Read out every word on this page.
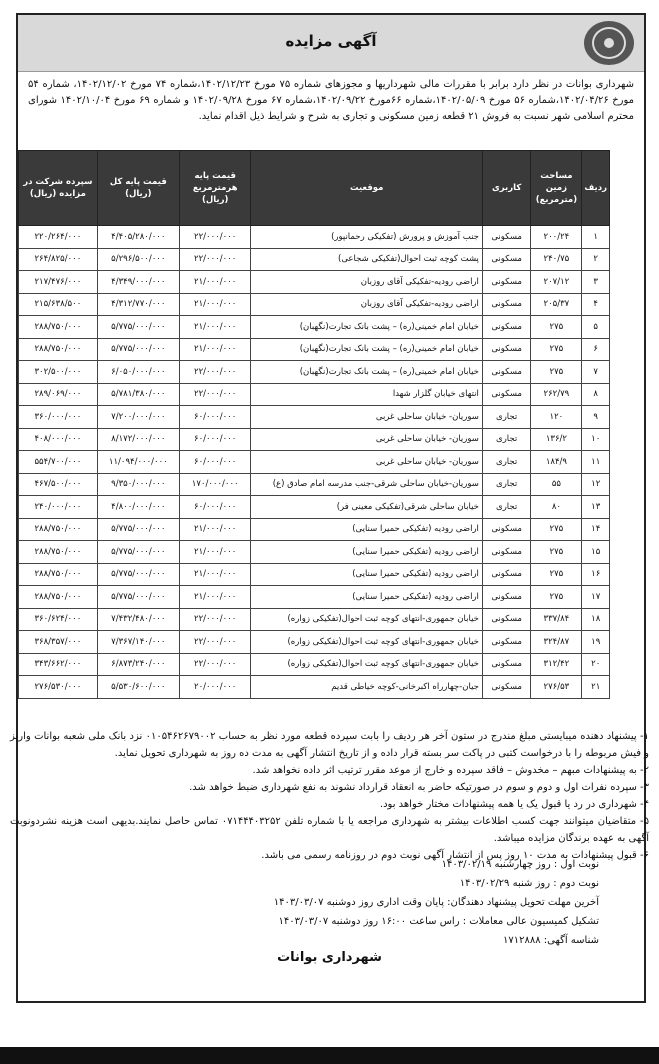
آگهی مزایده
شهرداری بوانات در نظر دارد برابر با مقررات مالی شهرداریها و مجوزهای شماره ۷۵ مورخ ۱۴۰۲/۱۲/۲۳،شماره ۷۴ مورخ ۱۴۰۲/۱۲/۰۲، شماره ۵۴ مورخ ۱۴۰۲/۰۴/۲۶،شماره ۵۶ مورخ ۱۴۰۲/۰۵/۰۹،شماره ۶۶مورخ ۱۴۰۲/۰۹/۲۲،شماره ۶۷ مورخ ۱۴۰۲/۰۹/۲۸ و شماره ۶۹ مورخ ۱۴۰۲/۱۰/۰۴ شورای محترم اسلامی شهر نسبت به فروش ۲۱ قطعه زمین مسکونی و تجاری به شرح و شرایط ذیل اقدام نماید.
ردیف	مساحت زمین (مترمربع)	کاربری	موقعیت	قیمت پایه هرمترمربع (ریال)	قیمت پایه کل (ریال)	سپرده شرکت در مزایده (ریال)
۱	۲۰۰/۲۴	مسکونی	جنب آموزش و پرورش (تفکیکی رحمانپور)	۲۲/۰۰۰/۰۰۰	۴/۴۰۵/۲۸۰/۰۰۰	۲۲۰/۲۶۴/۰۰۰
۲	۲۴۰/۷۵	مسکونی	پشت کوچه ثبت احوال(تفکیکی شجاعی)	۲۲/۰۰۰/۰۰۰	۵/۲۹۶/۵۰۰/۰۰۰	۲۶۴/۸۲۵/۰۰۰
۳	۲۰۷/۱۲	مسکونی	اراضی رودیه-تفکیکی آقای روزبان	۲۱/۰۰۰/۰۰۰	۴/۳۴۹/۰۰۰/۰۰۰	۲۱۷/۴۷۶/۰۰۰
۴	۲۰۵/۳۷	مسکونی	اراضی رودیه-تفکیکی آقای روزبان	۲۱/۰۰۰/۰۰۰	۴/۳۱۲/۷۷۰/۰۰۰	۲۱۵/۶۳۸/۵۰۰
۵	۲۷۵	مسکونی	خیابان امام خمینی(ره) – پشت بانک تجارت(نگهبان)	۲۱/۰۰۰/۰۰۰	۵/۷۷۵/۰۰۰/۰۰۰	۲۸۸/۷۵۰/۰۰۰
۶	۲۷۵	مسکونی	خیابان امام خمینی(ره) – پشت بانک تجارت(نگهبان)	۲۱/۰۰۰/۰۰۰	۵/۷۷۵/۰۰۰/۰۰۰	۲۸۸/۷۵۰/۰۰۰
۷	۲۷۵	مسکونی	خیابان امام خمینی(ره) – پشت بانک تجارت(نگهبان)	۲۲/۰۰۰/۰۰۰	۶/۰۵۰/۰۰۰/۰۰۰	۳۰۲/۵۰۰/۰۰۰
۸	۲۶۲/۷۹	مسکونی	انتهای خیابان گلزار شهدا	۲۲/۰۰۰/۰۰۰	۵/۷۸۱/۳۸۰/۰۰۰	۲۸۹/۰۶۹/۰۰۰
۹	۱۲۰	تجاری	سوریان- خیابان ساحلی غربی	۶۰/۰۰۰/۰۰۰	۷/۲۰۰/۰۰۰/۰۰۰	۳۶۰/۰۰۰/۰۰۰
۱۰	۱۳۶/۲	تجاری	سوریان- خیابان ساحلی غربی	۶۰/۰۰۰/۰۰۰	۸/۱۷۲/۰۰۰/۰۰۰	۴۰۸/۰۰۰/۰۰۰
۱۱	۱۸۴/۹	تجاری	سوریان- خیابان ساحلی غربی	۶۰/۰۰۰/۰۰۰	۱۱/۰۹۴/۰۰۰/۰۰۰	۵۵۴/۷۰۰/۰۰۰
۱۲	۵۵	تجاری	سوریان-خیابان ساحلی شرقی-جنب مدرسه امام صادق (ع)	۱۷۰/۰۰۰/۰۰۰	۹/۳۵۰/۰۰۰/۰۰۰	۴۶۷/۵۰۰/۰۰۰
۱۳	۸۰	تجاری	خیابان ساحلی شرقی(تفکیکی معینی فر)	۶۰/۰۰۰/۰۰۰	۴/۸۰۰/۰۰۰/۰۰۰	۲۴۰/۰۰۰/۰۰۰
۱۴	۲۷۵	مسکونی	اراضی رودیه (تفکیکی حمیرا سنایی)	۲۱/۰۰۰/۰۰۰	۵/۷۷۵/۰۰۰/۰۰۰	۲۸۸/۷۵۰/۰۰۰
۱۵	۲۷۵	مسکونی	اراضی رودیه (تفکیکی حمیرا سنایی)	۲۱/۰۰۰/۰۰۰	۵/۷۷۵/۰۰۰/۰۰۰	۲۸۸/۷۵۰/۰۰۰
۱۶	۲۷۵	مسکونی	اراضی رودیه (تفکیکی حمیرا سنایی)	۲۱/۰۰۰/۰۰۰	۵/۷۷۵/۰۰۰/۰۰۰	۲۸۸/۷۵۰/۰۰۰
۱۷	۲۷۵	مسکونی	اراضی رودیه (تفکیکی حمیرا سنایی)	۲۱/۰۰۰/۰۰۰	۵/۷۷۵/۰۰۰/۰۰۰	۲۸۸/۷۵۰/۰۰۰
۱۸	۳۳۷/۸۴	مسکونی	خیابان جمهوری-انتهای کوچه ثبت احوال(تفکیکی زواره)	۲۲/۰۰۰/۰۰۰	۷/۴۳۲/۴۸۰/۰۰۰	۳۶۰/۶۲۴/۰۰۰
۱۹	۳۲۴/۸۷	مسکونی	خیابان جمهوری-انتهای کوچه ثبت احوال(تفکیکی زواره)	۲۲/۰۰۰/۰۰۰	۷/۳۶۷/۱۴۰/۰۰۰	۳۶۸/۳۵۷/۰۰۰
۲۰	۳۱۲/۴۲	مسکونی	خیابان جمهوری-انتهای کوچه ثبت احوال(تفکیکی زواره)	۲۲/۰۰۰/۰۰۰	۶/۸۷۳/۲۴۰/۰۰۰	۳۴۳/۶۶۲/۰۰۰
۲۱	۲۷۶/۵۳	مسکونی	جیان-چهارراه اکبرخانی-کوچه خیاطی قدیم	۲۰/۰۰۰/۰۰۰	۵/۵۳۰/۶۰۰/۰۰۰	۲۷۶/۵۳۰/۰۰۰

۱- پیشنهاد دهنده میبایستی مبلغ مندرج در ستون آخر هر ردیف را بابت سپرده قطعه مورد نظر به حساب ۰۱۰۵۴۶۲۶۷۹۰۰۲ نزد بانک ملی شعبه بوانات واریز و فیش مربوطه را با درخواست کتبی در پاکت سر بسته قرار داده و از تاریخ انتشار آگهی به مدت ده روز به شهرداری تحویل نماید.

۲- به پیشنهادات مبهم – مخدوش – فاقد سپرده و خارج از موعد مقرر ترتیب اثر داده نخواهد شد.

۳- سپرده نفرات اول و دوم و سوم در صورتیکه حاضر به انعقاد قرارداد نشوند به نفع شهرداری ضبط خواهد شد.

۴- شهرداری در رد یا قبول یک یا همه پیشنهادات مختار خواهد بود.

۵- متقاضیان میتوانند جهت کسب اطلاعات بیشتر به شهرداری مراجعه یا با شماره تلفن ۰۷۱۴۴۴۰۳۲۵۲ تماس حاصل نمایند.بدیهی است هزینه نشردونوبت آگهی به عهده برندگان مزایده میباشد.

۶- قبول پیشنهادات به مدت ۱۰ روز پس از انتشار آگهی نوبت دوم در روزنامه رسمی می باشد.

نوبت اول : روز چهارشنبه ۱۴۰۳/۰۲/۱۹

نوبت دوم : روز شنبه ۱۴۰۳/۰۲/۲۹

آخرین مهلت تحویل پیشنهاد دهندگان: پایان وقت اداری روز دوشنبه ۱۴۰۳/۰۳/۰۷

تشکیل کمیسیون عالی معاملات : راس ساعت ۱۶:۰۰ روز دوشنبه ۱۴۰۳/۰۳/۰۷

شناسه آگهی: ۱۷۱۲۸۸۸

شهرداری بوانات
